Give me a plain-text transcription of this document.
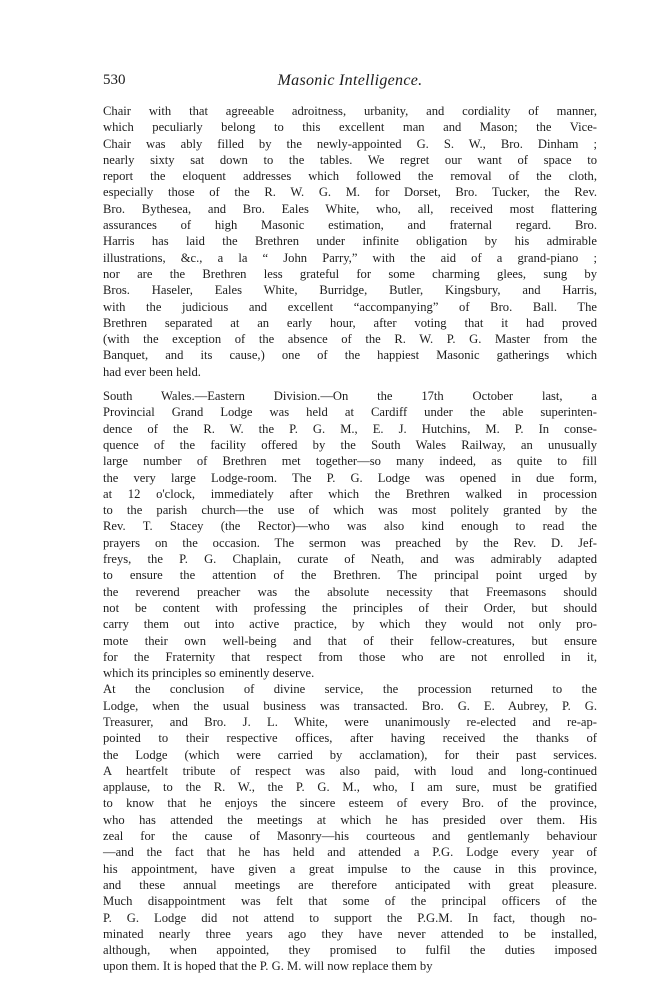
530	Masonic Intelligence.
Chair with that agreeable adroitness, urbanity, and cordiality of manner,
which peculiarly belong to this excellent man and Mason; the Vice-
Chair was ably filled by the newly-appointed G. S. W., Bro. Dinham ;
nearly sixty sat down to the tables. We regret our want of space to
report the eloquent addresses which followed the removal of the cloth,
especially those of the R. W. G. M. for Dorset, Bro. Tucker, the Rev.
Bro. Bythesea, and Bro. Eales White, who, all, received most flattering
assurances of high Masonic estimation, and fraternal regard. Bro.
Harris has laid the Brethren under infinite obligation by his admirable
illustrations, &c., a la “ John Parry,” with the aid of a grand-piano ;
nor are the Brethren less grateful for some charming glees, sung by
Bros. Haseler, Eales White, Burridge, Butler, Kingsbury, and Harris,
with the judicious and excellent “accompanying” of Bro. Ball. The
Brethren separated at an early hour, after voting that it had proved
(with the exception of the absence of the R. W. P. G. Master from the
Banquet, and its cause,) one of the happiest Masonic gatherings which
had ever been held.
South Wales.—Eastern Division.—On the 17th October last, a
Provincial Grand Lodge was held at Cardiff under the able superinten-
dence of the R. W. the P. G. M., E. J. Hutchins, M. P. In conse-
quence of the facility offered by the South Wales Railway, an unusually
large number of Brethren met together—so many indeed, as quite to fill
the very large Lodge-room. The P. G. Lodge was opened in due form,
at 12 o'clock, immediately after which the Brethren walked in procession
to the parish church—the use of which was most politely granted by the
Rev. T. Stacey (the Rector)—who was also kind enough to read the
prayers on the occasion. The sermon was preached by the Rev. D. Jef-
freys, the P. G. Chaplain, curate of Neath, and was admirably adapted
to ensure the attention of the Brethren. The principal point urged by
the reverend preacher was the absolute necessity that Freemasons should
not be content with professing the principles of their Order, but should
carry them out into active practice, by which they would not only pro-
mote their own well-being and that of their fellow-creatures, but ensure
for the Fraternity that respect from those who are not enrolled in it,
which its principles so eminently deserve.
At the conclusion of divine service, the procession returned to the
Lodge, when the usual business was transacted. Bro. G. E. Aubrey, P. G.
Treasurer, and Bro. J. L. White, were unanimously re-elected and re-ap-
pointed to their respective offices, after having received the thanks of
the Lodge (which were carried by acclamation), for their past services.
A heartfelt tribute of respect was also paid, with loud and long-continued
applause, to the R. W., the P. G. M., who, I am sure, must be gratified
to know that he enjoys the sincere esteem of every Bro. of the province,
who has attended the meetings at which he has presided over them. His
zeal for the cause of Masonry—his courteous and gentlemanly behaviour
—and the fact that he has held and attended a P.G. Lodge every year of
his appointment, have given a great impulse to the cause in this province,
and these annual meetings are therefore anticipated with great pleasure.
Much disappointment was felt that some of the principal officers of the
P. G. Lodge did not attend to support the P.G.M. In fact, though no-
minated nearly three years ago they have never attended to be installed,
although, when appointed, they promised to fulfil the duties imposed
upon them. It is hoped that the P. G. M. will now replace them by
